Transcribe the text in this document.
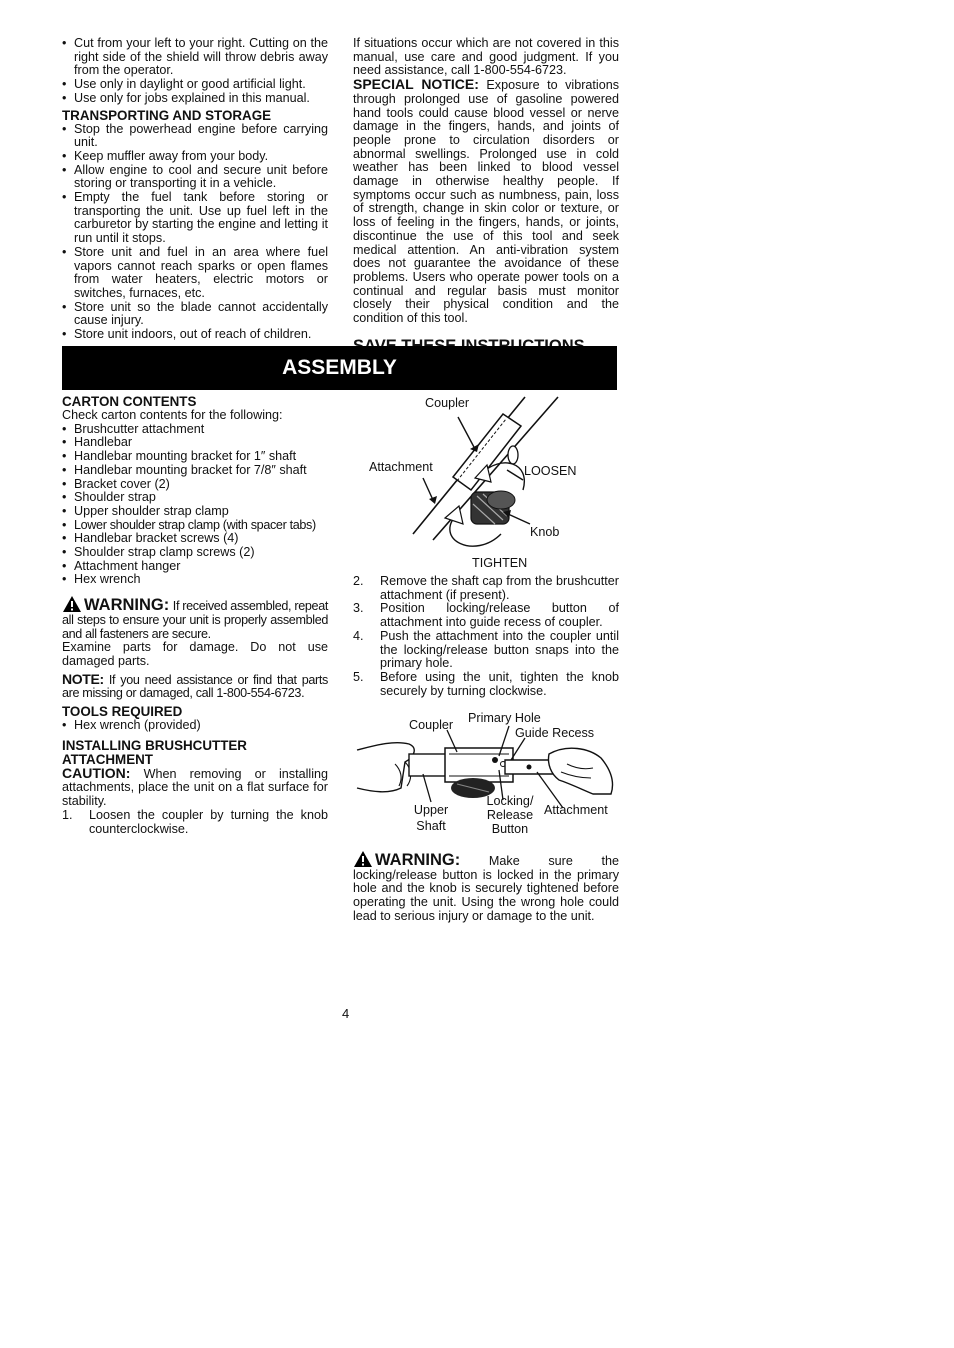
• Cut from your left to your right. Cutting on the right side of the shield will throw debris away from the operator.
• Use only in daylight or good artificial light.
• Use only for jobs explained in this manual.
TRANSPORTING AND STORAGE
• Stop the powerhead engine before carrying unit.
• Keep muffler away from your body.
• Allow engine to cool and secure unit before storing or transporting it in a vehicle.
• Empty the fuel tank before storing or transporting the unit. Use up fuel left in the carburetor by starting the engine and letting it run until it stops.
• Store unit and fuel in an area where fuel vapors cannot reach sparks or open flames from water heaters, electric motors or switches, furnaces, etc.
• Store unit so the blade cannot accidentally cause injury.
• Store unit indoors, out of reach of children.

If situations occur which are not covered in this manual, use care and good judgment. If you need assistance, call 1-800-554-6723.

SPECIAL NOTICE: Exposure to vibrations through prolonged use of gasoline powered hand tools could cause blood vessel or nerve damage in the fingers, hands, and joints of people prone to circulation disorders or abnormal swellings. Prolonged use in cold weather has been linked to blood vessel damage in otherwise healthy people. If symptoms occur such as numbness, pain, loss of strength, change in skin color or texture, or loss of feeling in the fingers, hands, or joints, discontinue the use of this tool and seek medical attention. An anti-vibration system does not guarantee the avoidance of these problems. Users who operate power tools on a continual and regular basis must monitor closely their physical condition and the condition of this tool.

ASSEMBLY
CARTON CONTENTS

Check carton contents for the following:

• Brushcutter attachment
• Handlebar
• Handlebar mounting bracket for 1″ shaft
• Handlebar mounting bracket for 7/8″ shaft
• Bracket cover (2)
• Shoulder strap
• Upper shoulder strap clamp
• Lower shoulder strap clamp (with spacer tabs)
• Handlebar bracket screws (4)
• Shoulder strap clamp screws (2)
• Attachment hanger
• Hex wrench

WARNING: If received assembled, repeat all steps to ensure your unit is properly assembled and all fasteners are secure.

Examine parts for damage. Do not use damaged parts.

NOTE: If you need assistance or find that parts are missing or damaged, call 1-800-554-6723.

TOOLS REQUIRED
• Hex wrench (provided)
INSTALLING BRUSHCUTTER ATTACHMENT

CAUTION: When removing or installing attachments, place the unit on a flat surface for stability.

1. Loosen the coupler by turning the knob counterclockwise.
Coupler
Attachment	LOOSEN
Knob
TIGHTEN
2. Remove the shaft cap from the brushcutter attachment (if present).
3. Position locking/release button of attachment into guide recess of coupler.
4. Push the attachment into the coupler until the locking/release button snaps into the primary hole.
5. Before using the unit, tighten the knob securely by turning clockwise.
Coupler Primary Hole
Guide Recess
Upper
Shaft
Locking/
Release
Button
Attachment

WARNING: Make sure the locking/release button is locked in the primary hole and the knob is securely tightened before operating the unit. Using the wrong hole could lead to serious injury or damage to the unit.

4
